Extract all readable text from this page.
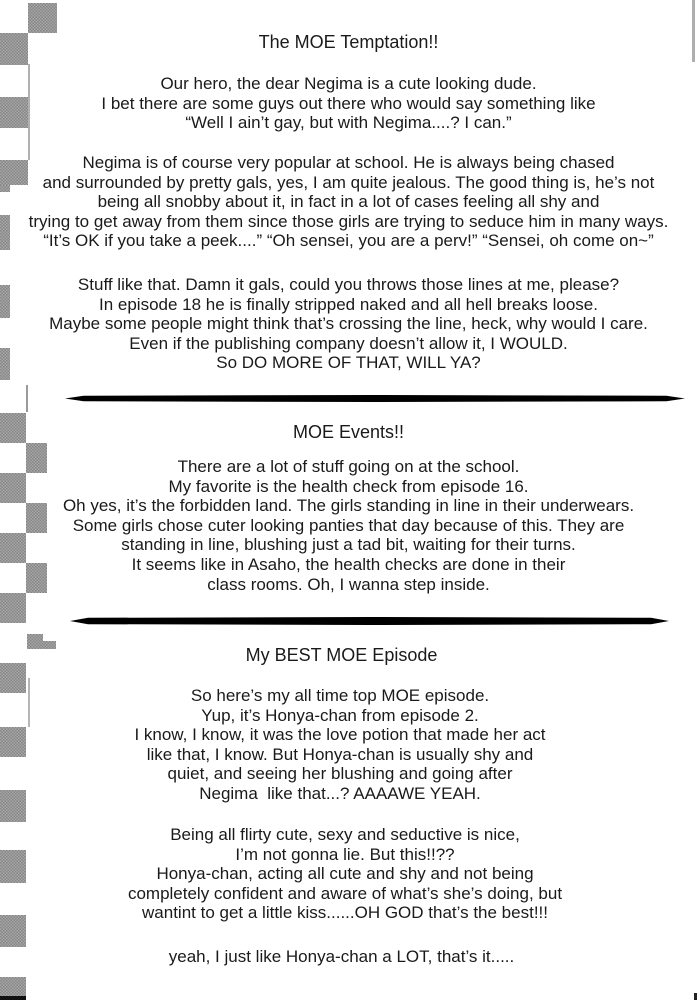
The MOE Temptation!!
Our hero, the dear Negima is a cute looking dude.
I bet there are some guys out there who would say something like
“Well I ain’t gay, but with Negima....? I can.”
Negima is of course very popular at school. He is always being chased
and surrounded by pretty gals, yes, I am quite jealous. The good thing is, he’s not
being all snobby about it, in fact in a lot of cases feeling all shy and
trying to get away from them since those girls are trying to seduce him in many ways.
“It’s OK if you take a peek....” “Oh sensei, you are a perv!” “Sensei, oh come on~”
Stuff like that. Damn it gals, could you throws those lines at me, please?
In episode 18 he is finally stripped naked and all hell breaks loose.
Maybe some people might think that’s crossing the line, heck, why would I care.
Even if the publishing company doesn’t allow it, I WOULD.
So DO MORE OF THAT, WILL YA?
MOE Events!!
There are a lot of stuff going on at the school.
My favorite is the health check from episode 16.
Oh yes, it’s the forbidden land. The girls standing in line in their underwears.
Some girls chose cuter looking panties that day because of this. They are
standing in line, blushing just a tad bit, waiting for their turns.
It seems like in Asaho, the health checks are done in their
class rooms. Oh, I wanna step inside.
My BEST MOE Episode
So here’s my all time top MOE episode.
Yup, it’s Honya-chan from episode 2.
I know, I know, it was the love potion that made her act
like that, I know. But Honya-chan is usually shy and
quiet, and seeing her blushing and going after
Negima  like that...? AAAAWE YEAH.
Being all flirty cute, sexy and seductive is nice,
I’m not gonna lie. But this!!??
Honya-chan, acting all cute and shy and not being
completely confident and aware of what’s she’s doing, but
wantint to get a little kiss......OH GOD that’s the best!!!
yeah, I just like Honya-chan a LOT, that’s it.....
